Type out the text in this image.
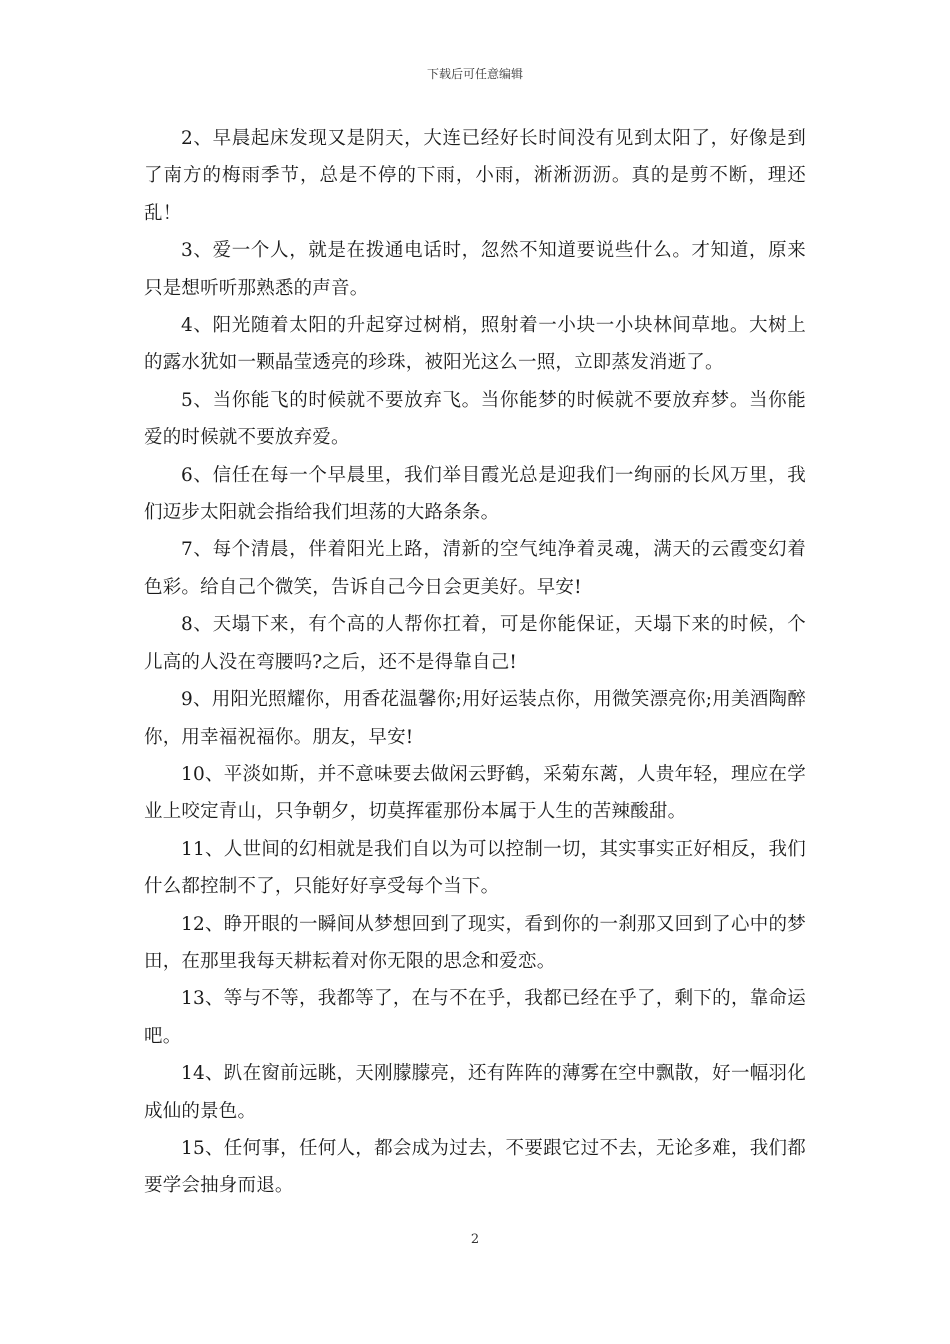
下载后可任意编辑

2、早晨起床发现又是阴天，大连已经好长时间没有见到太阳了，好像是到了南方的梅雨季节，总是不停的下雨，小雨，淅淅沥沥。真的是剪不断，理还乱！

3、爱一个人，就是在拨通电话时，忽然不知道要说些什么。才知道，原来只是想听听那熟悉的声音。

4、阳光随着太阳的升起穿过树梢，照射着一小块一小块林间草地。大树上的露水犹如一颗晶莹透亮的珍珠，被阳光这么一照，立即蒸发消逝了。

5、当你能飞的时候就不要放弃飞。当你能梦的时候就不要放弃梦。当你能爱的时候就不要放弃爱。

6、信任在每一个早晨里，我们举目霞光总是迎我们一绚丽的长风万里，我们迈步太阳就会指给我们坦荡的大路条条。

7、每个清晨，伴着阳光上路，清新的空气纯净着灵魂，满天的云霞变幻着色彩。给自己个微笑，告诉自己今日会更美好。早安!

8、天塌下来，有个高的人帮你扛着，可是你能保证，天塌下来的时候，个儿高的人没在弯腰吗?之后，还不是得靠自己!

9、用阳光照耀你，用香花温馨你;用好运装点你，用微笑漂亮你;用美酒陶醉你，用幸福祝福你。朋友，早安!

10、平淡如斯，并不意味要去做闲云野鹤，采菊东蓠，人贵年轻，理应在学业上咬定青山，只争朝夕，切莫挥霍那份本属于人生的苦辣酸甜。

11、人世间的幻相就是我们自以为可以控制一切，其实事实正好相反，我们什么都控制不了，只能好好享受每个当下。

12、睁开眼的一瞬间从梦想回到了现实，看到你的一刹那又回到了心中的梦田，在那里我每天耕耘着对你无限的思念和爱恋。

13、等与不等，我都等了，在与不在乎，我都已经在乎了，剩下的，靠命运吧。

14、趴在窗前远眺，天刚朦朦亮，还有阵阵的薄雾在空中飘散，好一幅羽化成仙的景色。

15、任何事，任何人，都会成为过去，不要跟它过不去，无论多难，我们都要学会抽身而退。

2
